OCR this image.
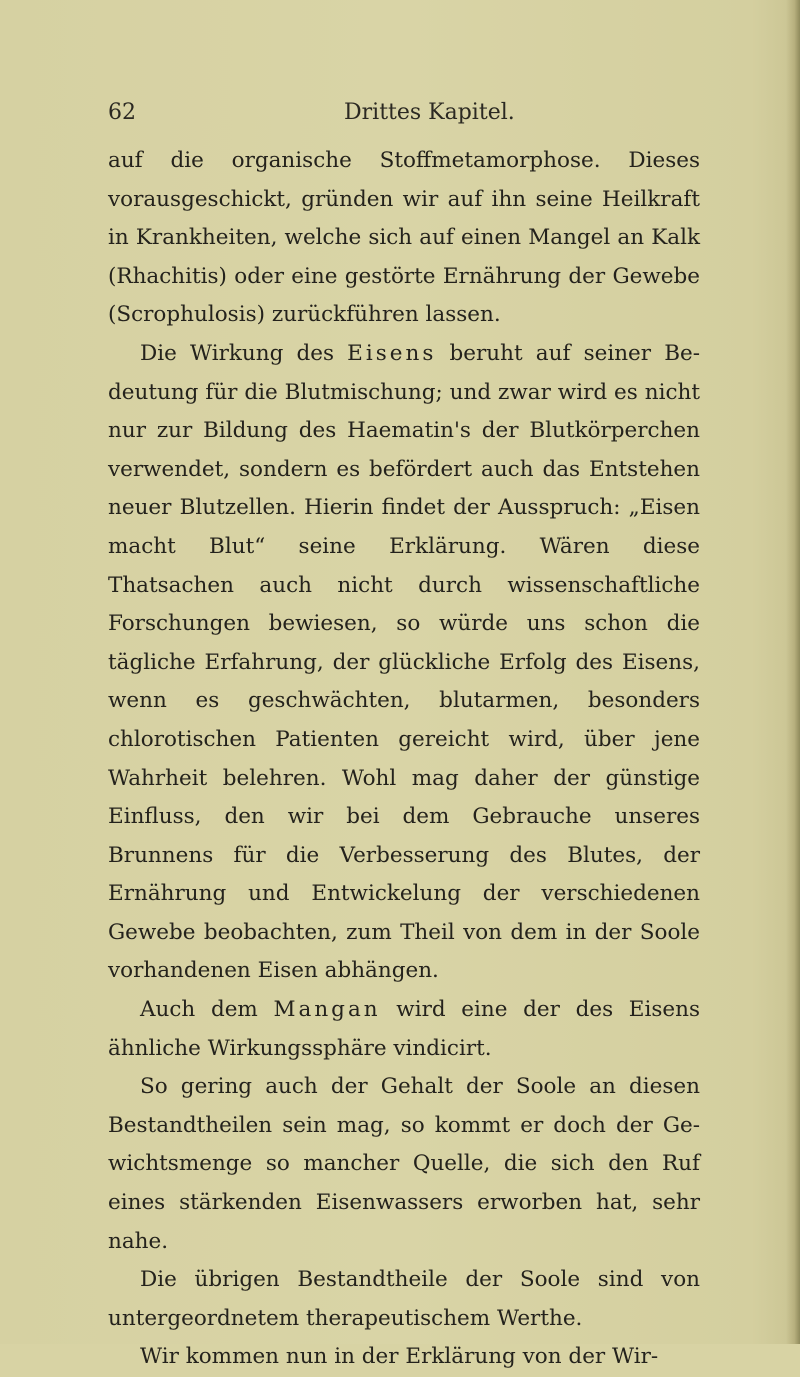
62	Drittes Kapitel.

auf die organische Stoffmetamorphose. Dieses vorausgeschickt, gründen wir auf ihn seine Heilkraft in Krankheiten, welche sich auf einen Mangel an Kalk (Rhachitis) oder eine gestörte Ernährung der Gewebe (Scrophulosis) zurückführen lassen.

Die Wirkung des Eisens beruht auf seiner Bedeutung für die Blutmischung; und zwar wird es nicht nur zur Bildung des Haematin's der Blutkörperchen verwendet, sondern es befördert auch das Entstehen neuer Blutzellen. Hierin findet der Ausspruch: „Eisen macht Blut“ seine Erklärung. Wären diese Thatsachen auch nicht durch wissenschaftliche Forschungen bewiesen, so würde uns schon die tägliche Erfahrung, der glückliche Erfolg des Eisens, wenn es geschwächten, blutarmen, besonders chlorotischen Patienten gereicht wird, über jene Wahrheit belehren. Wohl mag daher der günstige Einfluss, den wir bei dem Gebrauche unseres Brunnens für die Verbesserung des Blutes, der Ernährung und Entwickelung der verschiedenen Gewebe beobachten, zum Theil von dem in der Soole vorhandenen Eisen abhängen.

Auch dem Mangan wird eine der des Eisens ähnliche Wirkungssphäre vindicirt.

So gering auch der Gehalt der Soole an diesen Bestandtheilen sein mag, so kommt er doch der Gewichtsmenge so mancher Quelle, die sich den Ruf eines stärkenden Eisenwassers erworben hat, sehr nahe.

Die übrigen Bestandtheile der Soole sind von untergeordnetem therapeutischem Werthe.

Wir kommen nun in der Erklärung von der Wir-
